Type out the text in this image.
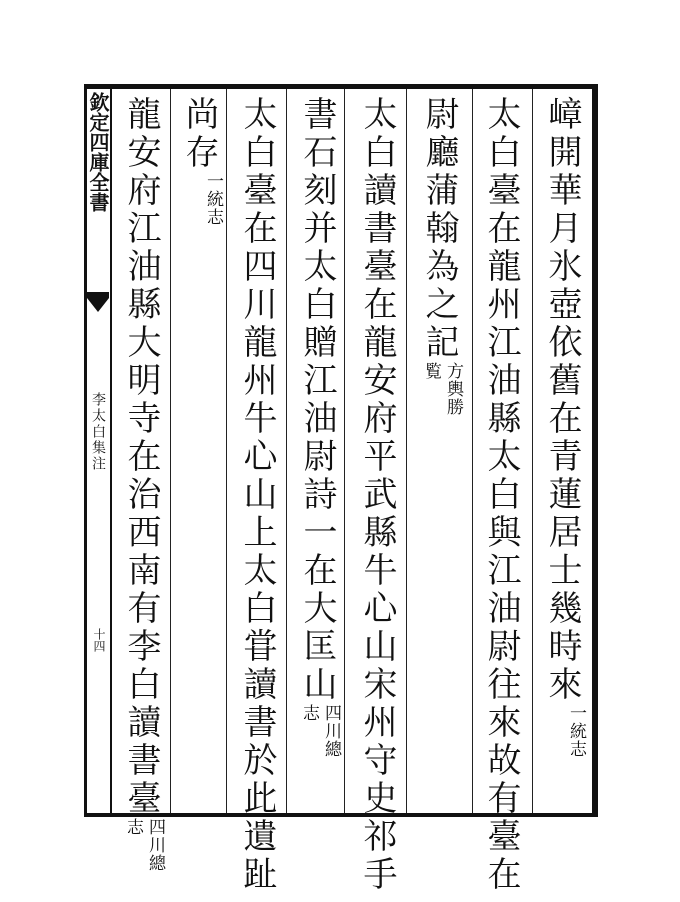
欽定四庫全書
李太白集注
十四	嶂開華月氷壺依舊在青蓮居士幾時來一統志
太白臺在龍州江油縣太白與江油尉往來故有臺在
尉廳蒲翰為之記方輿勝覧
太白讀書臺在龍安府平武縣牛心山宋州守史祁手
書石刻并太白贈江油尉詩一在大匡山四川總志
太白臺在四川龍州牛心山上太白甞讀書於此遺趾
尚存一統志
龍安府江油縣大明寺在治西南有李白讀書臺四川總志
